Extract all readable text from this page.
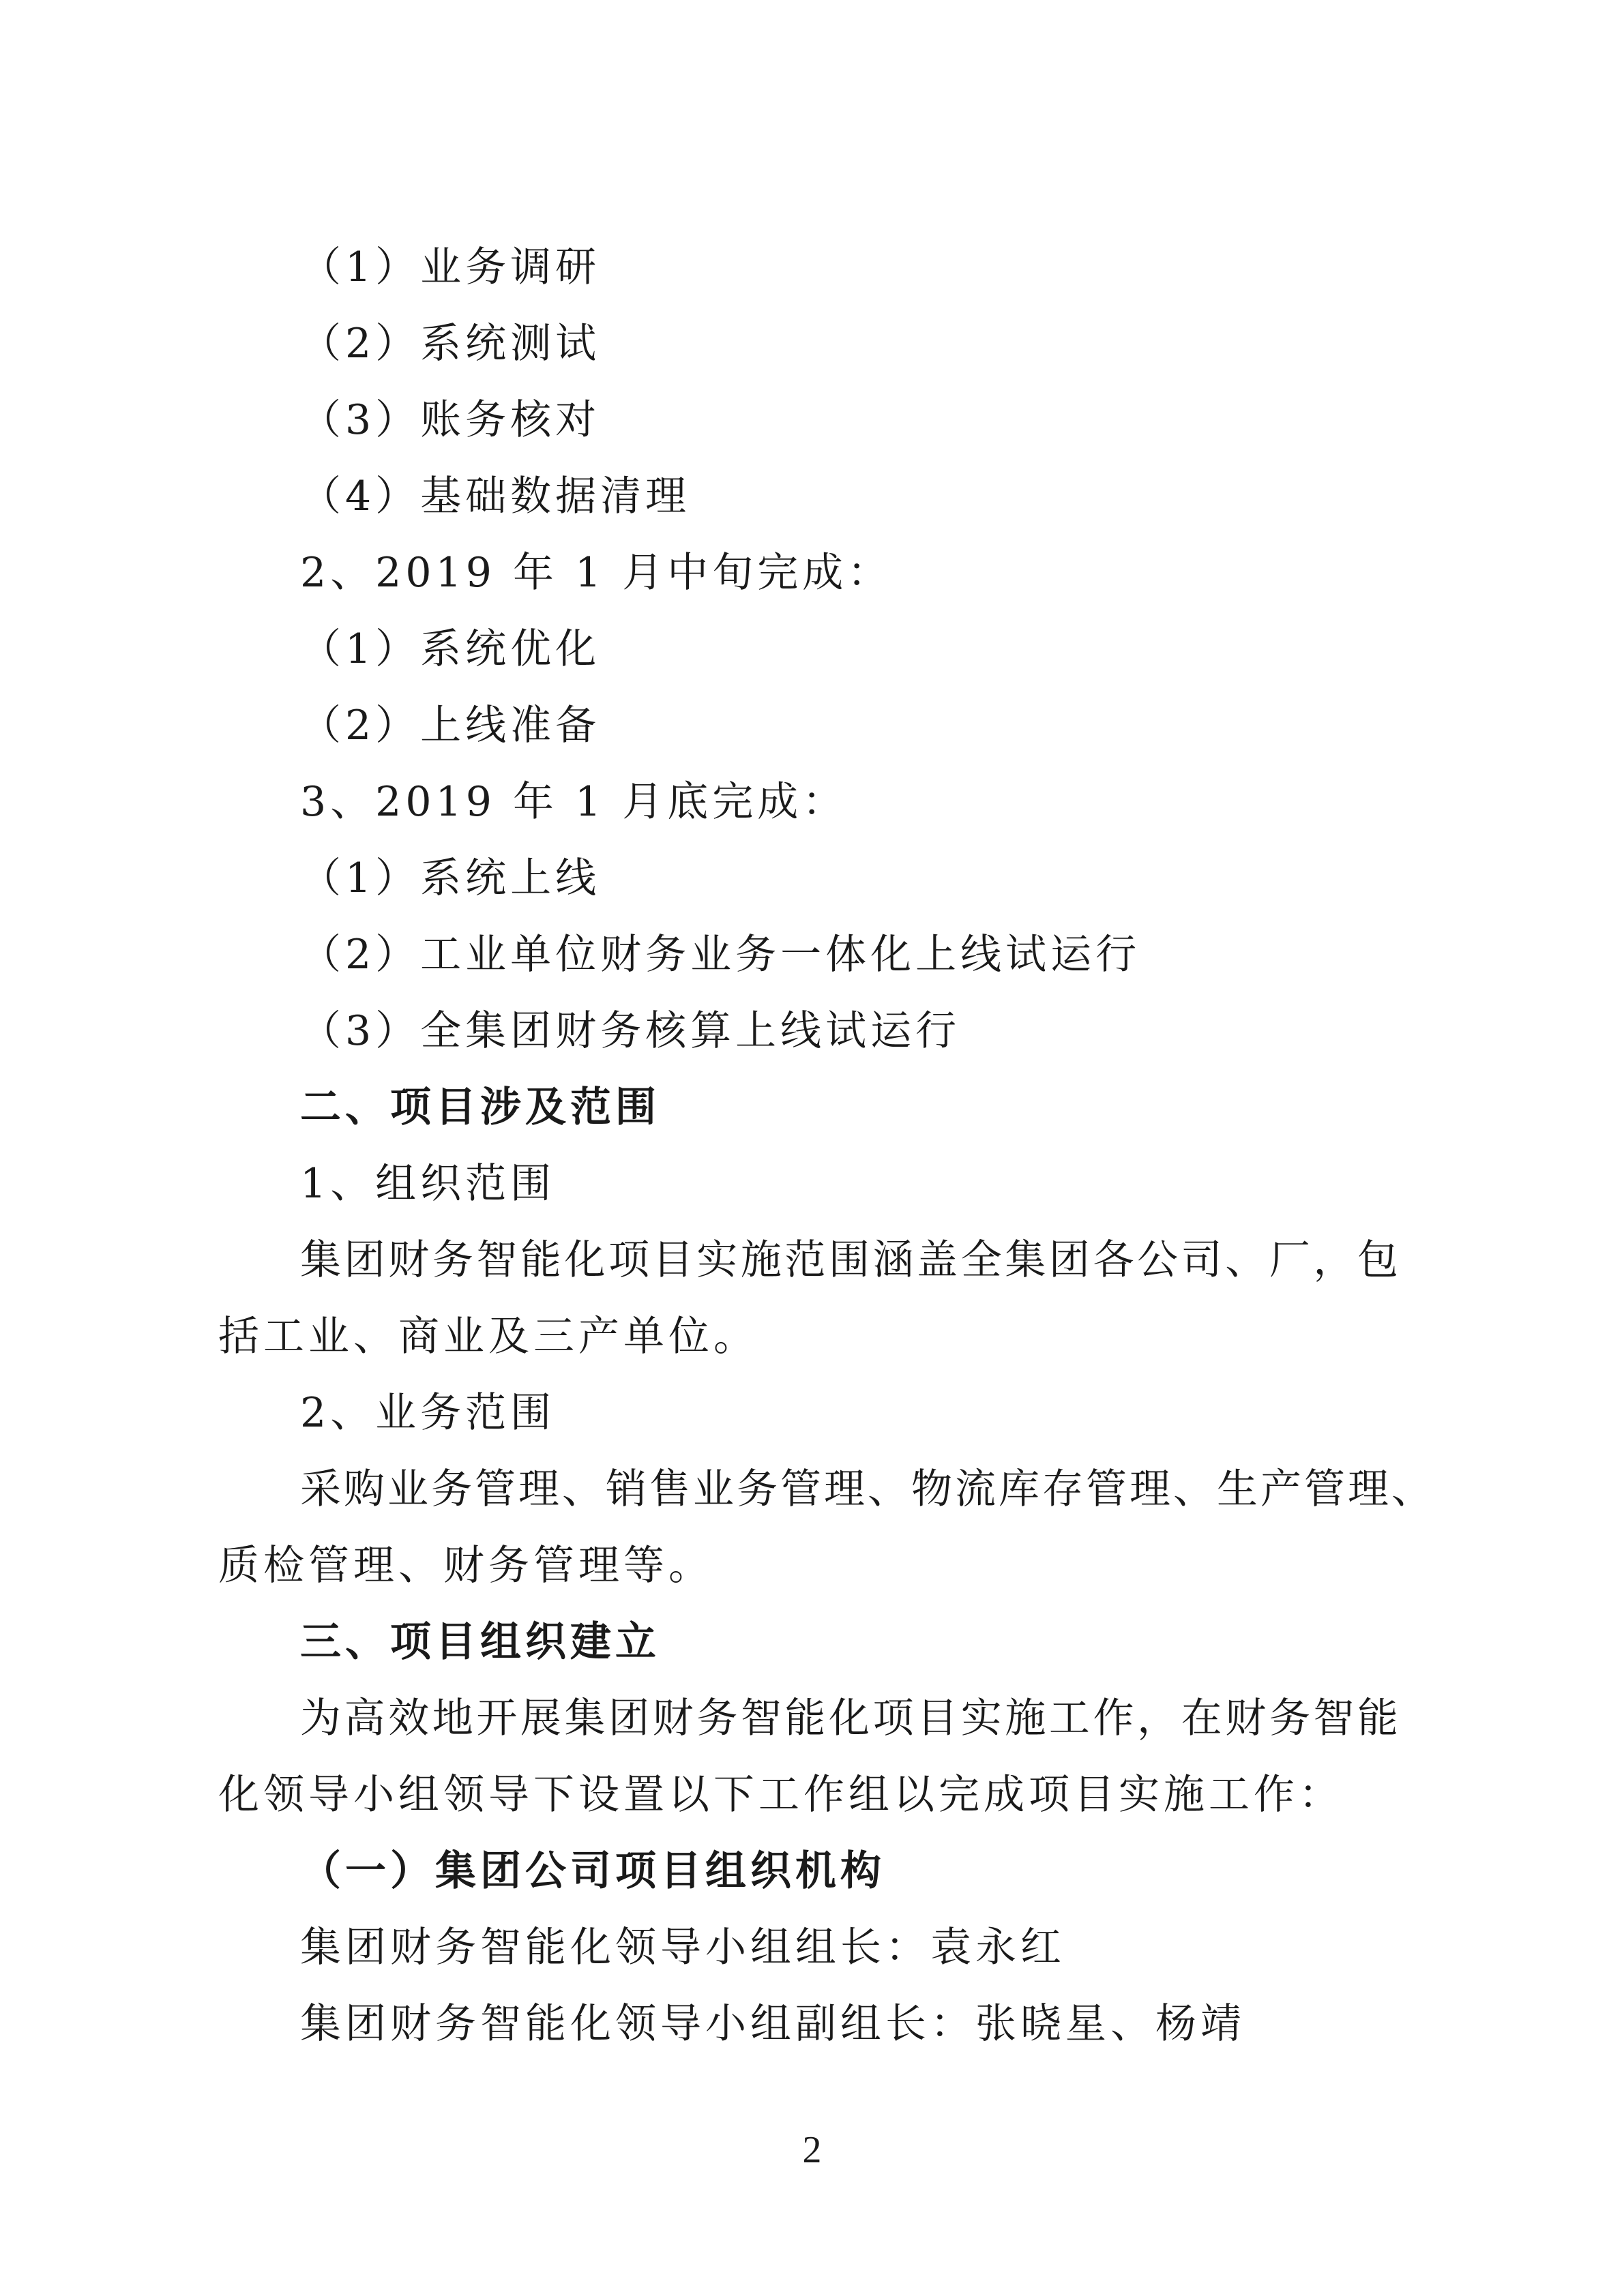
（1）业务调研
（2）系统测试
（3）账务核对
（4）基础数据清理
2、2019 年 1 月中旬完成：
（1）系统优化
（2）上线准备
3、2019 年 1 月底完成：
（1）系统上线
（2）工业单位财务业务一体化上线试运行
（3）全集团财务核算上线试运行
二、项目涉及范围
1、组织范围
集团财务智能化项目实施范围涵盖全集团各公司、厂，包
括工业、商业及三产单位。
2、业务范围
采购业务管理、销售业务管理、物流库存管理、生产管理、
质检管理、财务管理等。
三、项目组织建立
为高效地开展集团财务智能化项目实施工作，在财务智能
化领导小组领导下设置以下工作组以完成项目实施工作：
（一）集团公司项目组织机构
集团财务智能化领导小组组长：袁永红
集团财务智能化领导小组副组长：张晓星、杨靖
2
